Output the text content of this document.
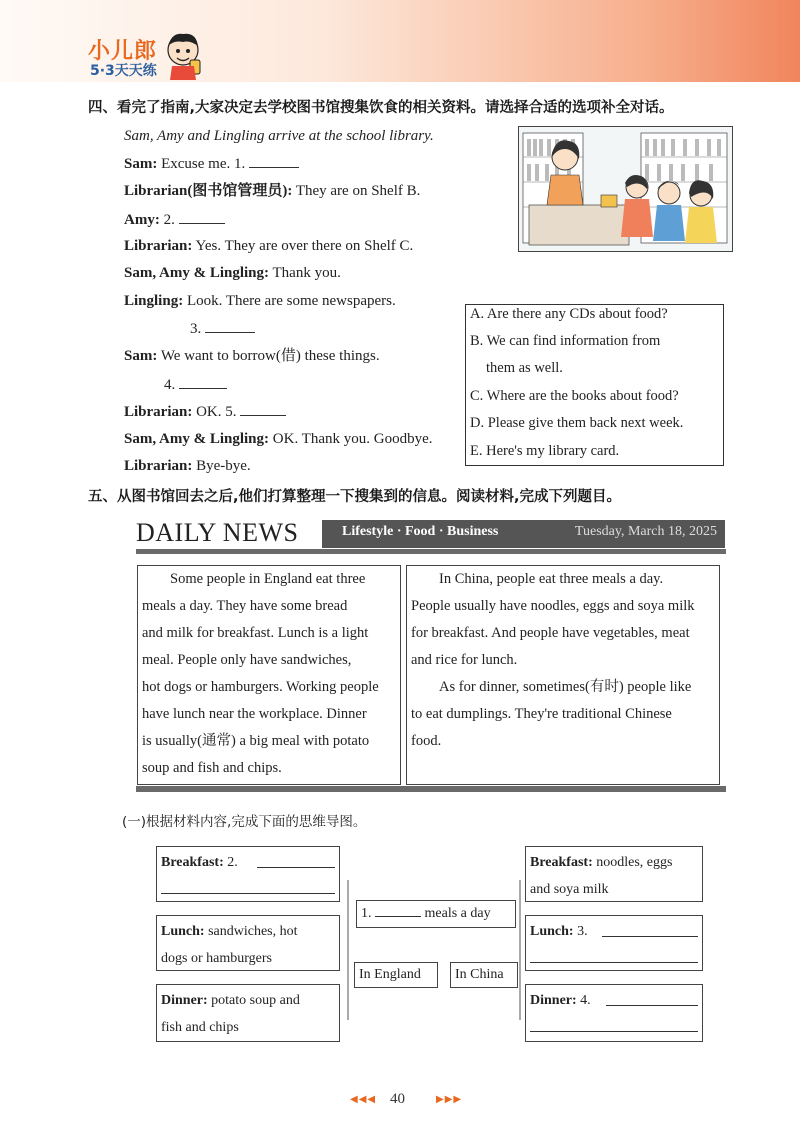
小儿郎
5·3天天练
四、看完了指南,大家决定去学校图书馆搜集饮食的相关资料。请选择合适的选项补全对话。
Sam, Amy and Lingling arrive at the school library.
Sam: Excuse me. 1.
Librarian(图书馆管理员): They are on Shelf B.
Amy: 2.
Librarian: Yes. They are over there on Shelf C.
Sam, Amy & Lingling: Thank you.
Lingling: Look. There are some newspapers.
3.
Sam: We want to borrow(借) these things.
4.
Librarian: OK. 5.
Sam, Amy & Lingling: OK. Thank you. Goodbye.
Librarian: Bye-bye.
A. Are there any CDs about food?
B. We can find information from
them as well.
C. Where are the books about food?
D. Please give them back next week.
E. Here's my library card.
五、从图书馆回去之后,他们打算整理一下搜集到的信息。阅读材料,完成下列题目。
DAILY NEWS	Lifestyle · Food · Business	Tuesday, March 18, 2025

Some people in England eat three

meals a day. They have some bread

and milk for breakfast. Lunch is a light

meal. People only have sandwiches,

hot dogs or hamburgers. Working people

have lunch near the workplace. Dinner

is usually(通常) a big meal with potato

soup and fish and chips.

In China, people eat three meals a day.

People usually have noodles, eggs and soya milk

for breakfast. And people have vegetables, meat

and rice for lunch.

As for dinner, sometimes(有时) people like

to eat dumplings. They're traditional Chinese

food.

(一)根据材料内容,完成下面的思维导图。
Breakfast: 2.
Lunch: sandwiches, hot
dogs or hamburgers
Dinner: potato soup and
fish and chips
1.	meals a day
In England	In China
Breakfast: noodles, eggs
and soya milk
Lunch: 3.
Dinner: 4.
◀◀◀ 40	▶▶▶
